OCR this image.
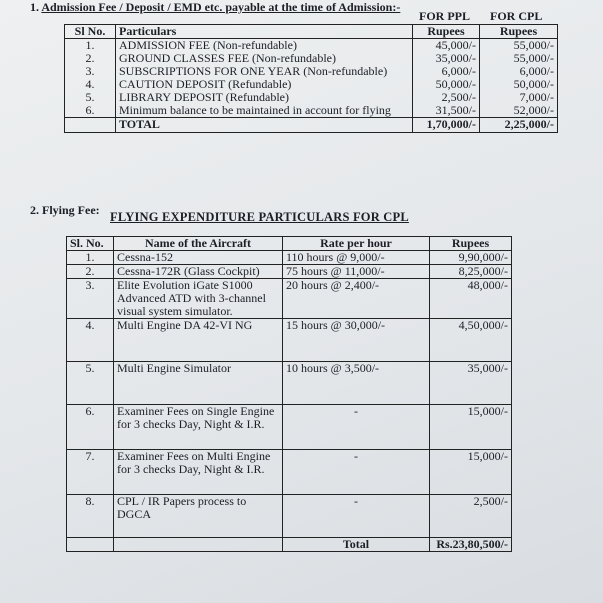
1. Admission Fee / Deposit / EMD etc. payable at the time of Admission:-
FOR PPL FOR CPL
Sl No.	Particulars	Rupees	Rupees
1.	ADMISSION FEE (Non-refundable)	45,000/-	55,000/-
2.	GROUND CLASSES FEE (Non-refundable)	35,000/-	55,000/-
3.	SUBSCRIPTIONS FOR ONE YEAR (Non-refundable)	6,000/-	6,000/-
4.	CAUTION DEPOSIT (Refundable)	50,000/-	50,000/-
5.	LIBRARY DEPOSIT (Refundable)	2,500/-	7,000/-
6.	Minimum balance to be maintained in account for flying	31,500/-	52,000/-
	TOTAL	1,70,000/-	2,25,000/-
2. Flying Fee: FLYING EXPENDITURE PARTICULARS FOR CPL
Sl. No.	Name of the Aircraft	Rate per hour	Rupees
1.	Cessna-152	110 hours @ 9,000/-	9,90,000/-
2.	Cessna-172R (Glass Cockpit)	75 hours @ 11,000/-	8,25,000/-
3.	Elite Evolution iGate S1000 Advanced ATD with 3-channel visual system simulator.	20 hours @ 2,400/-	48,000/-
4.	Multi Engine DA 42-VI NG	15 hours @ 30,000/-	4,50,000/-
5.	Multi Engine Simulator	10 hours @ 3,500/-	35,000/-
6.	Examiner Fees on Single Engine for 3 checks Day, Night & I.R.	-	15,000/-
7.	Examiner Fees on Multi Engine for 3 checks Day, Night & I.R.	-	15,000/-
8.	CPL / IR Papers process to DGCA	-	2,500/-
		Total	Rs.23,80,500/-
